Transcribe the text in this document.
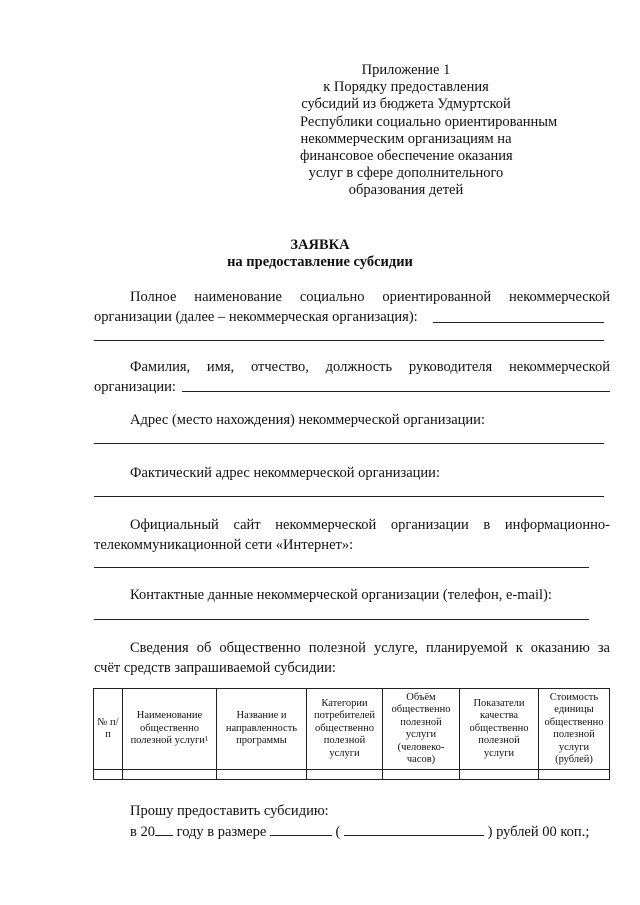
Приложение 1
к Порядку предоставления
субсидий из бюджета Удмуртской
Республики социально ориентированным
некоммерческим организациям на
финансовое обеспечение оказания
услуг в сфере дополнительного
образования детей
ЗАЯВКА
на предоставление субсидии
Полное наименование социально ориентированной некоммерческой
организации (далее – некоммерческая организация):
Фамилия, имя, отчество, должность руководителя некоммерческой
организации:
Адрес (место нахождения) некоммерческой организации:
Фактический адрес некоммерческой организации:
Официальный сайт некоммерческой организации в информационно-
телекоммуникационной сети «Интернет»:
Контактные данные некоммерческой организации (телефон, e-mail):
Сведения об общественно полезной услуге, планируемой к оказанию за
счёт средств запрашиваемой субсидии:
№ п/п	Наименование общественно полезной услуги$^1$	Название и направленность программы	Категории потребителей общественно полезной услуги	Объём общественно полезной услуги (человеко-часов)	Показатели качества общественно полезной услуги	Стоимость единицы общественно полезной услуги (рублей)

Прошу предоставить субсидию:
в 20 году в размере	(	) рублей 00 коп.;
